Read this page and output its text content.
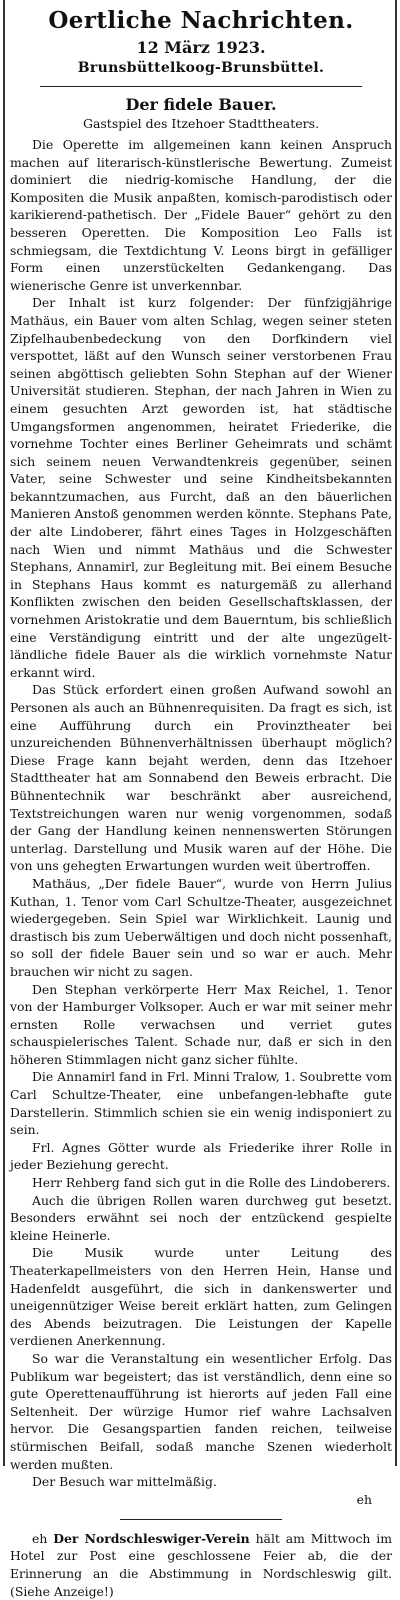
Oertliche Nachrichten.
12 März 1923.
Brunsbüttelkoog-Brunsbüttel.
Der fidele Bauer.
Gastspiel des Itzehoer Stadttheaters.

Die Operette im allgemeinen kann keinen Anspruch machen auf literarisch-künstlerische Bewertung. Zumeist dominiert die niedrig-komische Handlung, der die Kompositen die Musik anpaßten, komisch-parodistisch oder karikierend-pathetisch. Der „Fidele Bauer“ gehört zu den besseren Operetten. Die Komposition Leo Falls ist schmiegsam, die Textdichtung V. Leons birgt in gefälliger Form einen unzerstückelten Gedankengang. Das wienerische Genre ist unverkennbar.

Der Inhalt ist kurz folgender: Der fünfzigjährige Mathäus, ein Bauer vom alten Schlag, wegen seiner steten Zipfelhaubenbedeckung von den Dorfkindern viel verspottet, läßt auf den Wunsch seiner verstorbenen Frau seinen abgöttisch geliebten Sohn Stephan auf der Wiener Universität studieren. Stephan, der nach Jahren in Wien zu einem gesuchten Arzt geworden ist, hat städtische Umgangsformen angenommen, heiratet Friederike, die vornehme Tochter eines Berliner Geheimrats und schämt sich seinem neuen Verwandtenkreis gegenüber, seinen Vater, seine Schwester und seine Kindheitsbekannten bekanntzumachen, aus Furcht, daß an den bäuerlichen Manieren Anstoß genommen werden könnte. Stephans Pate, der alte Lindoberer, fährt eines Tages in Holzgeschäften nach Wien und nimmt Mathäus und die Schwester Stephans, Annamirl, zur Begleitung mit. Bei einem Besuche in Stephans Haus kommt es naturgemäß zu allerhand Konflikten zwischen den beiden Gesellschaftsklassen, der vornehmen Aristokratie und dem Bauerntum, bis schließlich eine Verständigung eintritt und der alte ungezügelt-ländliche fidele Bauer als die wirklich vornehmste Natur erkannt wird.

Das Stück erfordert einen großen Aufwand sowohl an Personen als auch an Bühnenrequisiten. Da fragt es sich, ist eine Aufführung durch ein Provinztheater bei unzureichenden Bühnenverhältnissen überhaupt möglich? Diese Frage kann bejaht werden, denn das Itzehoer Stadttheater hat am Sonnabend den Beweis erbracht. Die Bühnentechnik war beschränkt aber ausreichend, Textstreichungen waren nur wenig vorgenommen, sodaß der Gang der Handlung keinen nennenswerten Störungen unterlag. Darstellung und Musik waren auf der Höhe. Die von uns gehegten Erwartungen wurden weit übertroffen.

Mathäus, „Der fidele Bauer“, wurde von Herrn Julius Kuthan, 1. Tenor vom Carl Schultze-Theater, ausgezeichnet wiedergegeben. Sein Spiel war Wirklichkeit. Launig und drastisch bis zum Ueberwältigen und doch nicht possenhaft, so soll der fidele Bauer sein und so war er auch. Mehr brauchen wir nicht zu sagen.

Den Stephan verkörperte Herr Max Reichel, 1. Tenor von der Hamburger Volksoper. Auch er war mit seiner mehr ernsten Rolle verwachsen und verriet gutes schauspielerisches Talent. Schade nur, daß er sich in den höheren Stimmlagen nicht ganz sicher fühlte.

Die Annamirl fand in Frl. Minni Tralow, 1. Soubrette vom Carl Schultze-Theater, eine unbefangen-lebhafte gute Darstellerin. Stimmlich schien sie ein wenig indisponiert zu sein.

Frl. Agnes Götter wurde als Friederike ihrer Rolle in jeder Beziehung gerecht.

Herr Rehberg fand sich gut in die Rolle des Lindoberers.

Auch die übrigen Rollen waren durchweg gut besetzt. Besonders erwähnt sei noch der entzückend gespielte kleine Heinerle.

Die Musik wurde unter Leitung des Theaterkapellmeisters von den Herren Hein, Hanse und Hadenfeldt ausgeführt, die sich in dankenswerter und uneigennütziger Weise bereit erklärt hatten, zum Gelingen des Abends beizutragen. Die Leistungen der Kapelle verdienen Anerkennung.

So war die Veranstaltung ein wesentlicher Erfolg. Das Publikum war begeistert; das ist verständlich, denn eine so gute Operettenaufführung ist hierorts auf jeden Fall eine Seltenheit. Der würzige Humor rief wahre Lachsalven hervor. Die Gesangspartien fanden reichen, teilweise stürmischen Beifall, sodaß manche Szenen wiederholt werden mußten.

Der Besuch war mittelmäßig.

eh

eh Der Nordschleswiger-Verein hält am Mittwoch im Hotel zur Post eine geschlossene Feier ab, die der Erinnerung an die Abstimmung in Nordschleswig gilt. (Siehe Anzeige!)
